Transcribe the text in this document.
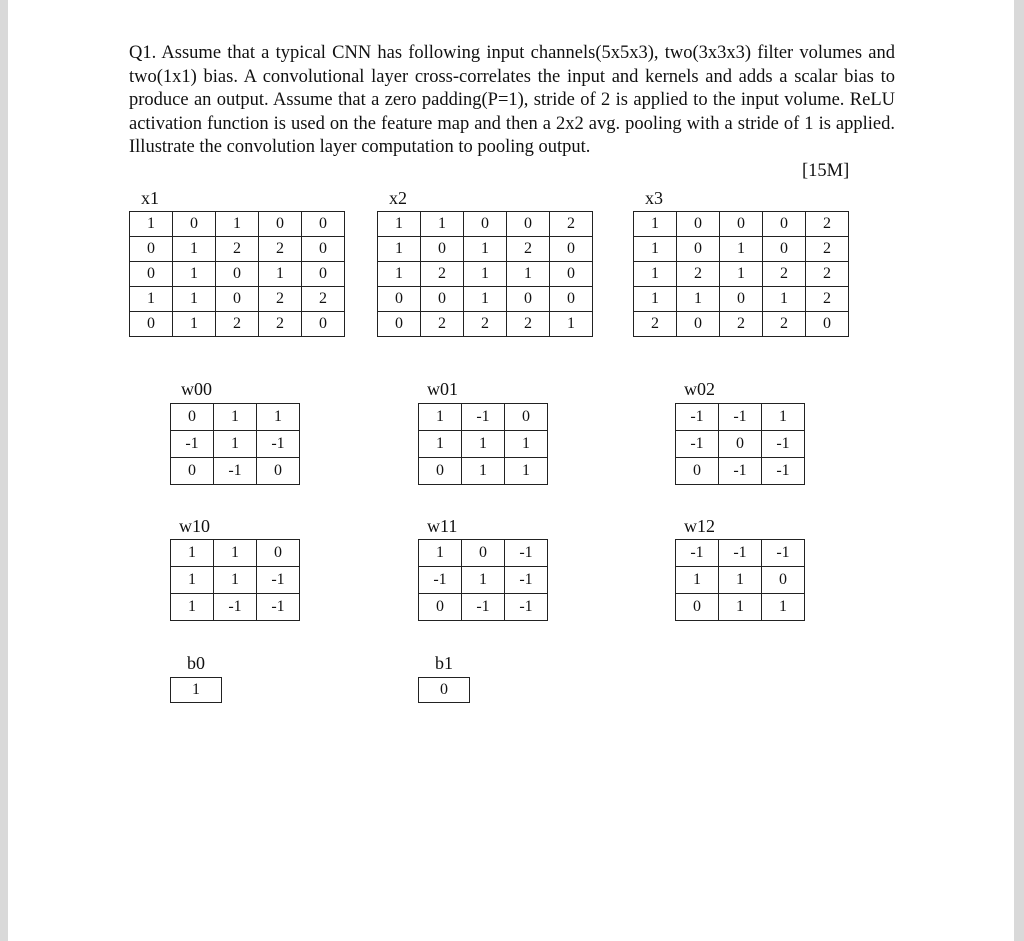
Q1. Assume that a typical CNN has following input channels(5x5x3), two(3x3x3) filter volumes and two(1x1) bias. A convolutional layer cross-correlates the input and kernels and adds a scalar bias to produce an output. Assume that a zero padding(P=1), stride of 2 is applied to the input volume. ReLU activation function is used on the feature map and then a 2x2 avg. pooling with a stride of 1 is applied. Illustrate the convolution layer computation to pooling output.
[15M]
x1	x2	x3
1	0	1	0	0
0	1	2	2	0
0	1	0	1	0
1	1	0	2	2
0	1	2	2	0
1	1	0	0	2
1	0	1	2	0
1	2	1	1	0
0	0	1	0	0
0	2	2	2	1
1	0	0	0	2
1	0	1	0	2
1	2	1	2	2
1	1	0	1	2
2	0	2	2	0
w00	w01	w02
w10	w11	w12
0	1	1
-1	1	-1
0	-1	0
1	-1	0
1	1	1
0	1	1
-1	-1	1
-1	0	-1
0	-1	-1
1	1	0
1	1	-1
1	-1	-1
1	0	-1
-1	1	-1
0	-1	-1
-1	-1	-1
1	1	0
0	1	1
b0	b1
1	0
